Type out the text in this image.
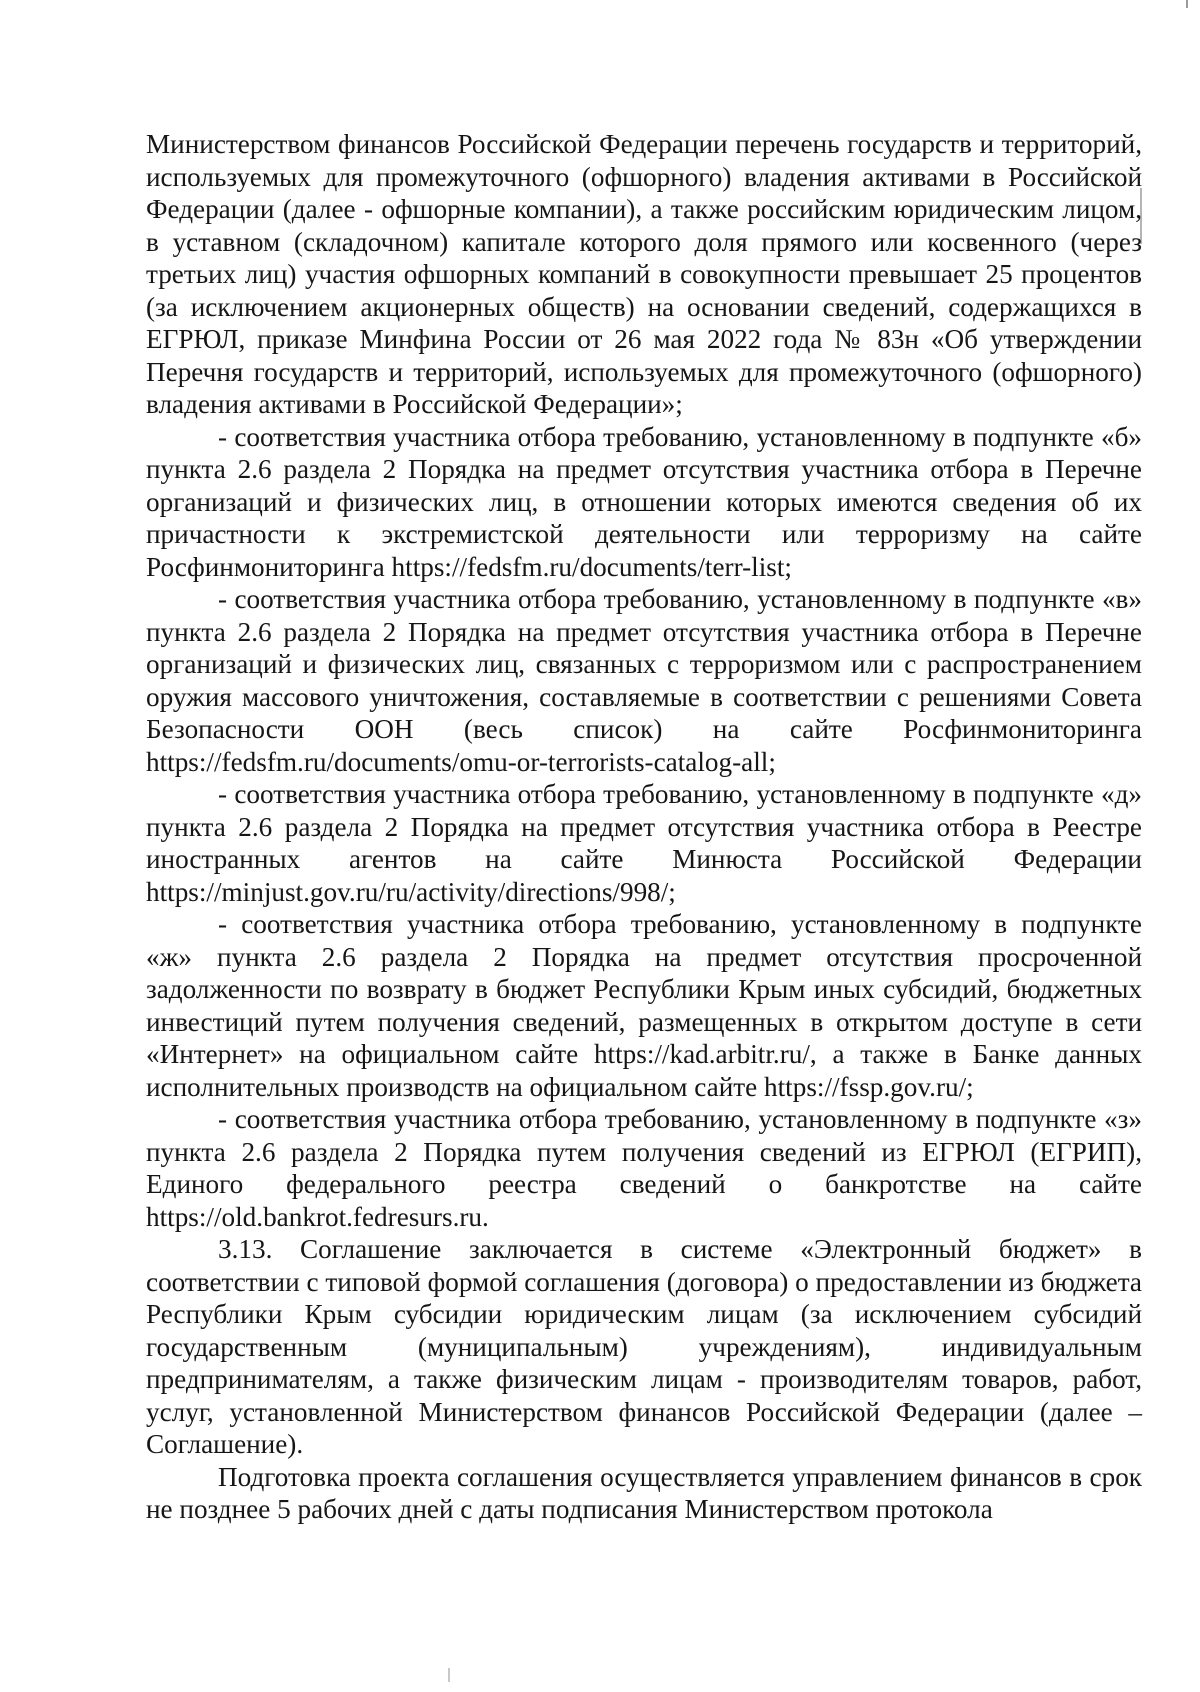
Министерством финансов Российской Федерации перечень государств и территорий, используемых для промежуточного (офшорного) владения активами в Российской Федерации (далее - офшорные компании), а также российским юридическим лицом, в уставном (складочном) капитале которого доля прямого или косвенного (через третьих лиц) участия офшорных компаний в совокупности превышает 25 процентов (за исключением акционерных обществ) на основании сведений, содержащихся в ЕГРЮЛ, приказе Минфина России от 26 мая 2022 года № 83н «Об утверждении Перечня государств и территорий, используемых для промежуточного (офшорного) владения активами в Российской Федерации»;

- соответствия участника отбора требованию, установленному в подпункте «б» пункта 2.6 раздела 2 Порядка на предмет отсутствия участника отбора в Перечне организаций и физических лиц, в отношении которых имеются сведения об их причастности к экстремистской деятельности или терроризму на сайте Росфинмониторинга https://fedsfm.ru/documents/terr-list;

- соответствия участника отбора требованию, установленному в подпункте «в» пункта 2.6 раздела 2 Порядка на предмет отсутствия участника отбора в Перечне организаций и физических лиц, связанных с терроризмом или с распространением оружия массового уничтожения, составляемые в соответствии с решениями Совета Безопасности ООН (весь список) на сайте Росфинмониторинга https://fedsfm.ru/documents/omu-or-terrorists-catalog-all;

- соответствия участника отбора требованию, установленному в подпункте «д» пункта 2.6 раздела 2 Порядка на предмет отсутствия участника отбора в Реестре иностранных агентов на сайте Минюста Российской Федерации https://minjust.gov.ru/ru/activity/directions/998/;

- соответствия участника отбора требованию, установленному в подпункте «ж» пункта 2.6 раздела 2 Порядка на предмет отсутствия просроченной задолженности по возврату в бюджет Республики Крым иных субсидий, бюджетных инвестиций путем получения сведений, размещенных в открытом доступе в сети «Интернет» на официальном сайте https://kad.arbitr.ru/, а также в Банке данных исполнительных производств на официальном сайте https://fssp.gov.ru/;

- соответствия участника отбора требованию, установленному в подпункте «з» пункта 2.6 раздела 2 Порядка путем получения сведений из ЕГРЮЛ (ЕГРИП), Единого федерального реестра сведений о банкротстве на сайте https://old.bankrot.fedresurs.ru.

3.13. Соглашение заключается в системе «Электронный бюджет» в соответствии с типовой формой соглашения (договора) о предоставлении из бюджета Республики Крым субсидии юридическим лицам (за исключением субсидий государственным (муниципальным) учреждениям), индивидуальным предпринимателям, а также физическим лицам - производителям товаров, работ, услуг, установленной Министерством финансов Российской Федерации (далее – Соглашение).

Подготовка проекта соглашения осуществляется управлением финансов в срок не позднее 5 рабочих дней с даты подписания Министерством протокола
